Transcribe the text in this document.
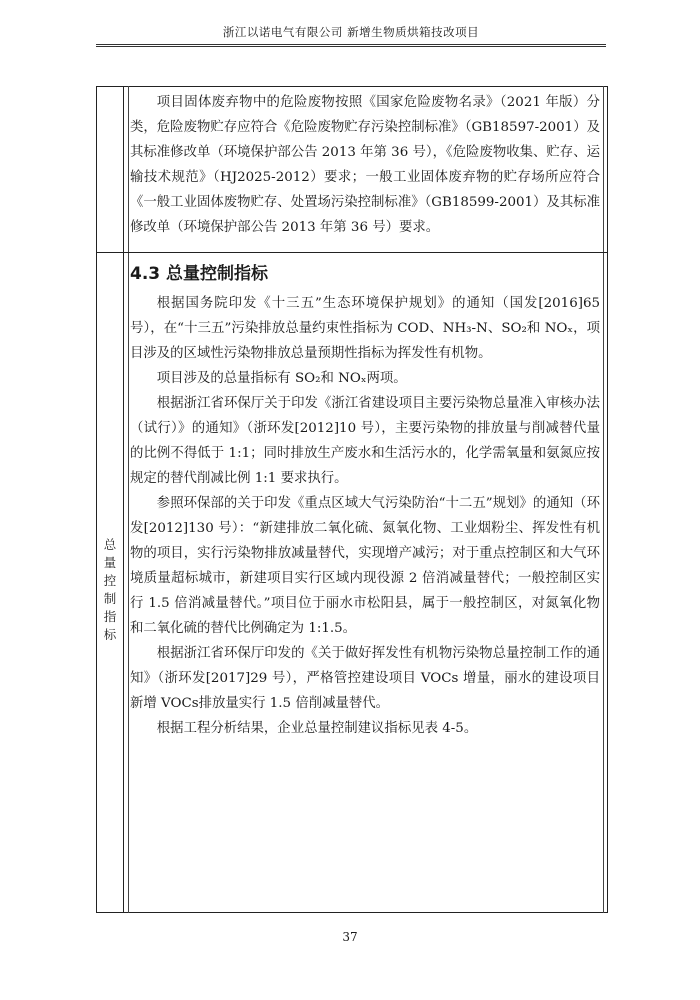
浙江以诺电气有限公司 新增生物质烘箱技改项目
总
量
控
制
指
标

项目固体废弃物中的危险废物按照《国家危险废物名录》（2021 年版）分类，危险废物贮存应符合《危险废物贮存污染控制标准》（GB18597-2001）及其标准修改单（环境保护部公告 2013 年第 36 号），《危险废物收集、贮存、运输技术规范》（HJ2025-2012）要求；一般工业固体废弃物的贮存场所应符合《一般工业固体废物贮存、处置场污染控制标准》（GB18599-2001）及其标准修改单（环境保护部公告 2013 年第 36 号）要求。

4.3 总量控制指标

根据国务院印发《十三五”生态环境保护规划》的通知（国发[2016]65 号），在“十三五”污染排放总量约束性指标为 COD、NH₃-N、SO₂和 NOₓ，项目涉及的区域性污染物排放总量预期性指标为挥发性有机物。

项目涉及的总量指标有 SO₂和 NOₓ两项。

根据浙江省环保厅关于印发《浙江省建设项目主要污染物总量准入审核办法（试行）》的通知》（浙环发[2012]10 号），主要污染物的排放量与削减替代量的比例不得低于 1:1；同时排放生产废水和生活污水的，化学需氧量和氨氮应按规定的替代削减比例 1:1 要求执行。

参照环保部的关于印发《重点区域大气污染防治“十二五”规划》的通知（环发[2012]130 号）：“新建排放二氧化硫、氮氧化物、工业烟粉尘、挥发性有机物的项目，实行污染物排放减量替代，实现增产减污；对于重点控制区和大气环境质量超标城市，新建项目实行区域内现役源 2 倍消减量替代；一般控制区实行 1.5 倍消减量替代。”项目位于丽水市松阳县，属于一般控制区，对氮氧化物和二氧化硫的替代比例确定为 1:1.5。

根据浙江省环保厅印发的《关于做好挥发性有机物污染物总量控制工作的通知》（浙环发[2017]29 号），严格管控建设项目 VOCs 增量，丽水的建设项目新增 VOCs排放量实行 1.5 倍削减量替代。

根据工程分析结果，企业总量控制建议指标见表 4-5。

37
